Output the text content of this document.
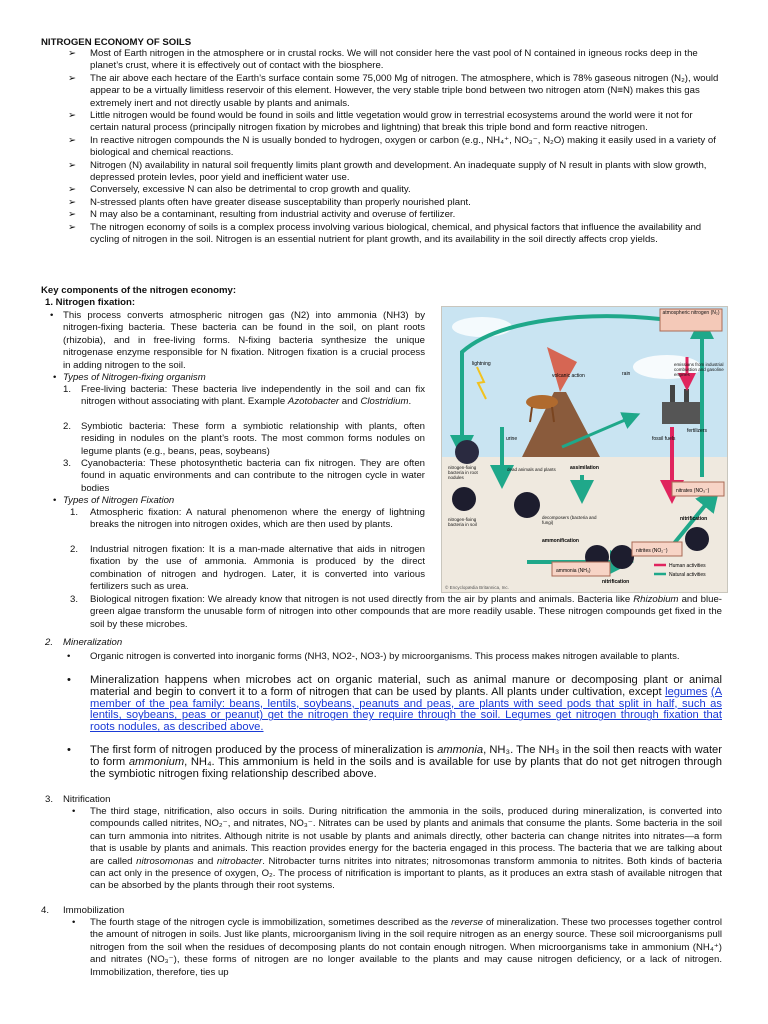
NITROGEN ECONOMY OF SOILS

➢ Most of Earth nitrogen in the atmosphere or in crustal rocks. We will not consider here the vast pool of N contained in igneous rocks deep in the planet’s crust, where it is effectively out of contact with the biosphere.
➢ The air above each hectare of the Earth’s surface contain some 75,000 Mg of nitrogen. The atmosphere, which is 78% gaseous nitrogen (N₂), would appear to be a virtually limitless reservoir of this element. However, the very stable triple bond between two nitrogen atom (N≡N) makes this gas extremely inert and not directly usable by plants and animals.
➢ Little nitrogen would be found would be found in soils and little vegetation would grow in terrestrial ecosystems around the world were it not for certain natural process (principally nitrogen fixation by microbes and lightning) that break this triple bond and form reactive nitrogen.
➢ In reactive nitrogen compounds the N is usually bonded to hydrogen, oxygen or carbon (e.g., NH₄⁺, NO₃⁻, N₂O) making it easily used in a variety of biological and chemical reactions.
➢ Nitrogen (N) availability in natural soil frequently limits plant growth and development. An inadequate supply of N result in plants with slow growth, depressed protein levles, poor yield and inefficient water use.
➢ Conversely, excessive N can also be detrimental to crop growth and quality.
➢ N-stressed plants often have greater disease susceptability than properly nourished plant.
➢ N may also be a contaminant, resulting from industrial activity and overuse of fertilizer.
➢ The nitrogen economy of soils is a complex process involving various biological, chemical, and physical factors that influence the availability and cycling of nitrogen in the soil. Nitrogen is an essential nutrient for plant growth, and its availability in the soil directly affects crop yields.

Key components of the nitrogen economy:

1. Nitrogen fixation:

• This process converts atmospheric nitrogen gas (N2) into ammonia (NH3) by nitrogen-fixing bacteria. These bacteria can be found in the soil, on plant roots (rhizobia), and in free-living forms. N-fixing bacteria synthesize the unique nitrogenase enzyme responsible for N fixation. Nitrogen fixation is a crucial process in adding nitrogen to the soil.

• Types of Nitrogen-fixing organism

1. Free-living bacteria: These bacteria live independently in the soil and can fix nitrogen without associating with plant. Example Azotobacter and Clostridium.

2. Symbiotic bacteria: These form a symbiotic relationship with plants, often residing in nodules on the plant’s roots. The most common forms nodules on legume plants (e.g., beans, peas, soybeans)

3. Cyanobacteria: These photosynthetic bacteria can fix nitrogen. They are often found in aquatic environments and can contribute to the nitrogen cycle in water bodies

• Types of Nitrogen Fixation

1. Atmospheric fixation: A natural phenomenon where the energy of lightning breaks the nitrogen into nitrogen oxides, which are then used by plants.

2. Industrial nitrogen fixation: It is a man-made alternative that aids in nitrogen fixation by the use of ammonia. Ammonia is produced by the direct combination of nitrogen and hydrogen. Later, it is converted into various fertilizers such as urea.

3. Biological nitrogen fixation: We already know that nitrogen is not used directly from the air by plants and animals. Bacteria like Rhizobium and blue-green algae transform the unusable form of nitrogen into other compounds that are more readily usable. These nitrogen compounds get fixed in the soil by these microbes.

atmospheric nitrogen (N₂)
emissions from industrial combustion and gasoline engines
lightning
volcanic action	rain
assimilation
urine	fossil fuels
fertilizers
nitrogen-fixing bacteria in root nodules
dead animals and plants
decomposers (bacteria and fungi)
nitrogen-fixing bacteria in soil
ammonification
nitrates (NO₃⁻)
nitrites (NO₂⁻)
ammonia (NH₃)
nitrification
nitrification
Human activities
Natural activities
© Encyclopædia Britannica, Inc.
2. Mineralization

• Organic nitrogen is converted into inorganic forms (NH3, NO2-, NO3-) by microorganisms. This process makes nitrogen available to plants.

• Mineralization happens when microbes act on organic material, such as animal manure or decomposing plant or animal material and begin to convert it to a form of nitrogen that can be used by plants. All plants under cultivation, except legumes (A member of the pea family: beans, lentils, soybeans, peanuts and peas, are plants with seed pods that split in half, such as lentils, soybeans, peas or peanut) get the nitrogen they require through the soil. Legumes get nitrogen through fixation that roots nodules, as described above.

• The first form of nitrogen produced by the process of mineralization is ammonia, NH₃. The NH₃ in the soil then reacts with water to form ammonium, NH₄. This ammonium is held in the soils and is available for use by plants that do not get nitrogen through the symbiotic nitrogen fixing relationship described above.

3. Nitrification

• The third stage, nitrification, also occurs in soils. During nitrification the ammonia in the soils, produced during mineralization, is converted into compounds called nitrites, NO₂⁻, and nitrates, NO₃⁻. Nitrates can be used by plants and animals that consume the plants. Some bacteria in the soil can turn ammonia into nitrites. Although nitrite is not usable by plants and animals directly, other bacteria can change nitrites into nitrates—a form that is usable by plants and animals. This reaction provides energy for the bacteria engaged in this process. The bacteria that we are talking about are called nitrosomonas and nitrobacter. Nitrobacter turns nitrites into nitrates; nitrosomonas transform ammonia to nitrites. Both kinds of bacteria can act only in the presence of oxygen, O₂. The process of nitrification is important to plants, as it produces an extra stash of available nitrogen that can be absorbed by the plants through their root systems.

4. Immobilization

• The fourth stage of the nitrogen cycle is immobilization, sometimes described as the reverse of mineralization. These two processes together control the amount of nitrogen in soils. Just like plants, microorganism living in the soil require nitrogen as an energy source. These soil microorganisms pull nitrogen from the soil when the residues of decomposing plants do not contain enough nitrogen. When microorganisms take in ammonium (NH₄⁺) and nitrates (NO₃⁻), these forms of nitrogen are no longer available to the plants and may cause nitrogen deficiency, or a lack of nitrogen. Immobilization, therefore, ties up
